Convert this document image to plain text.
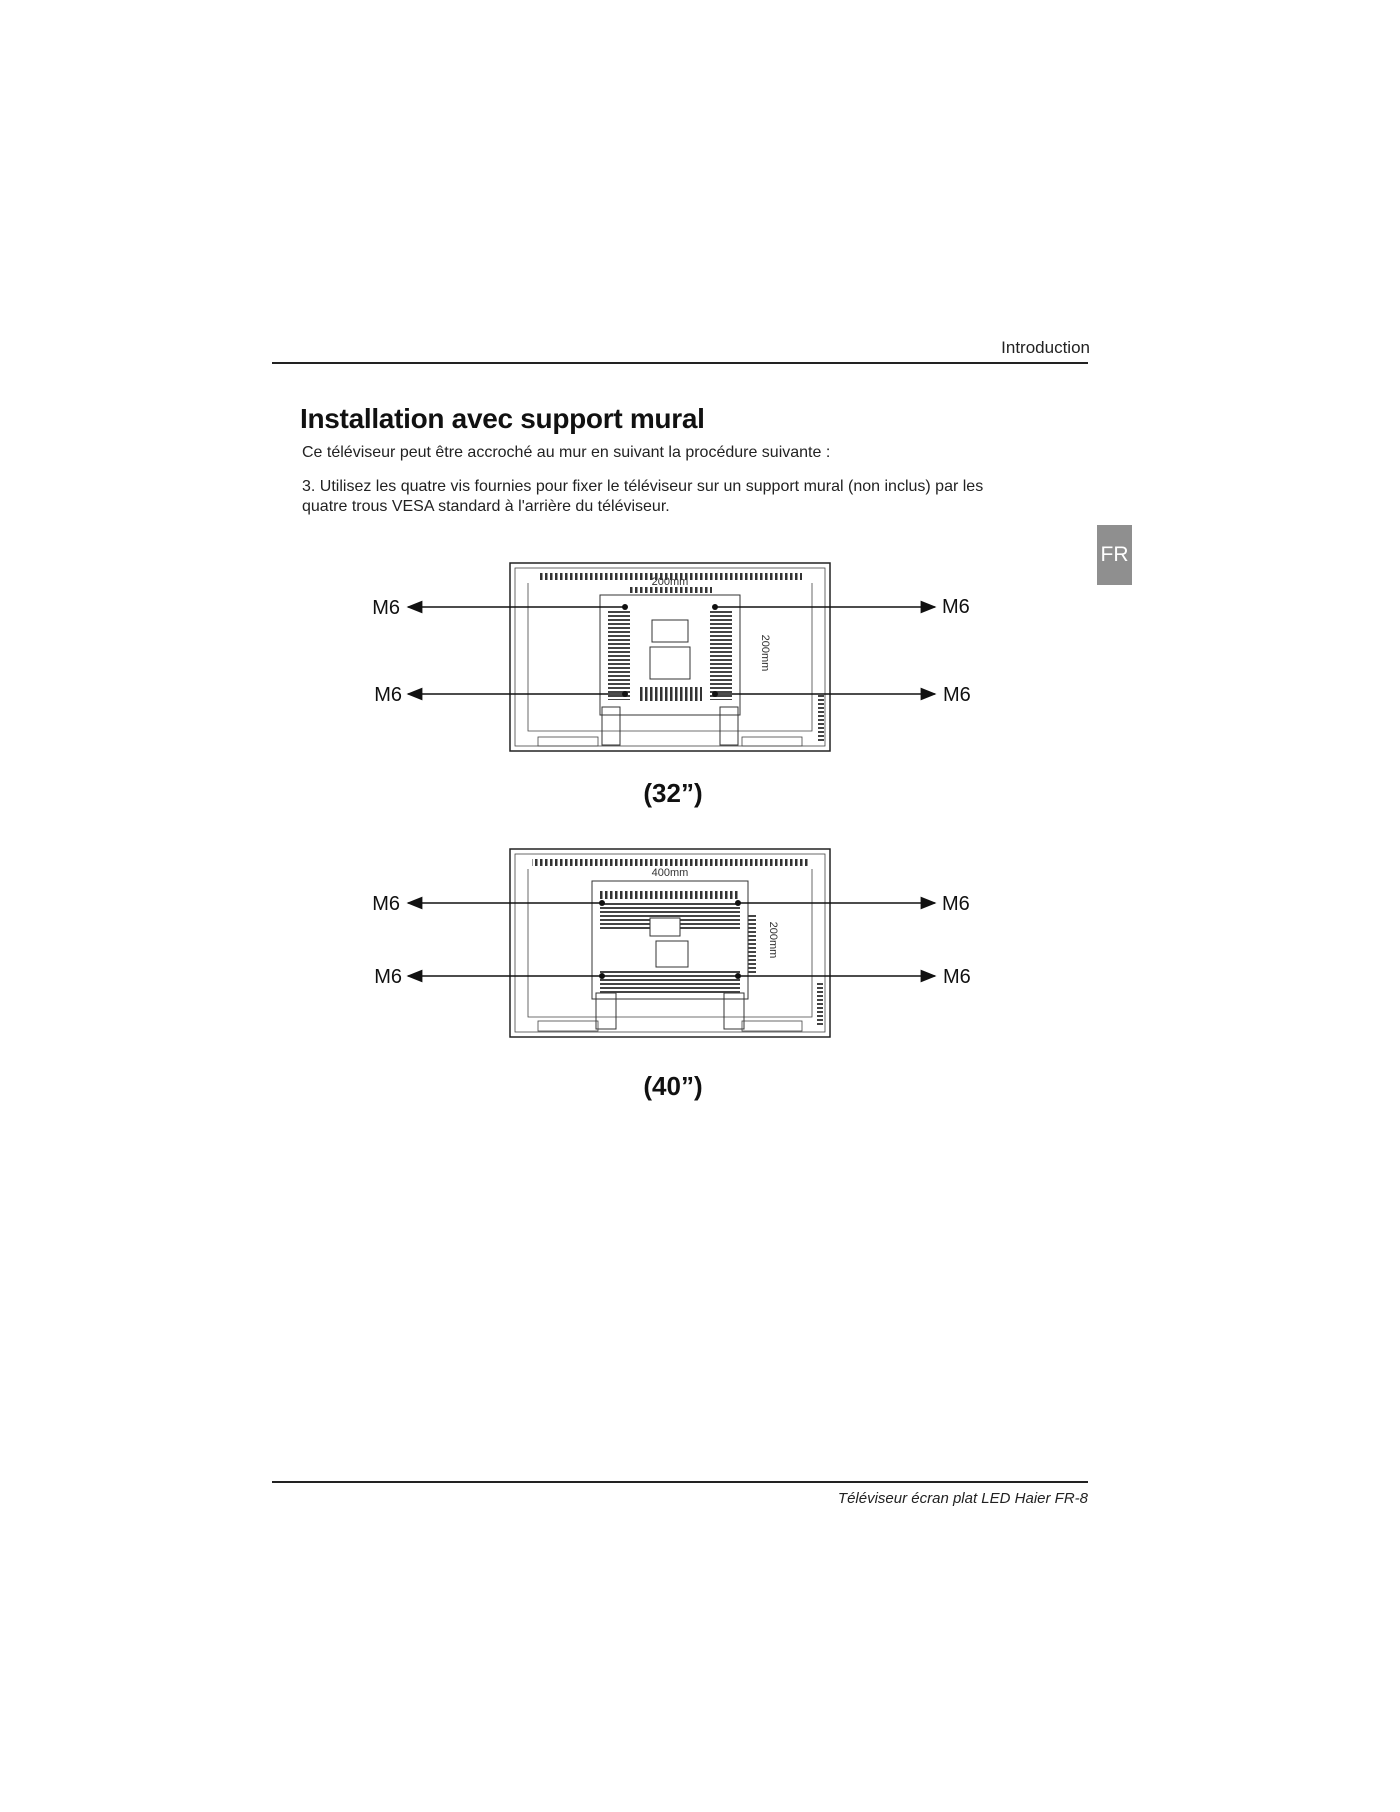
Introduction
FR
Installation avec support mural
Ce téléviseur peut être accroché au mur en suivant la procédure suivante :
3. Utilisez les quatre vis fournies pour fixer le téléviseur sur un support mural (non inclus) par les quatre trous VESA standard à l'arrière du téléviseur.
200mm
200mm
M6	M6
M6	M6
(32”)
400mm
200mm
M6	M6
M6	M6
(40”)
Téléviseur écran plat LED Haier FR-8
